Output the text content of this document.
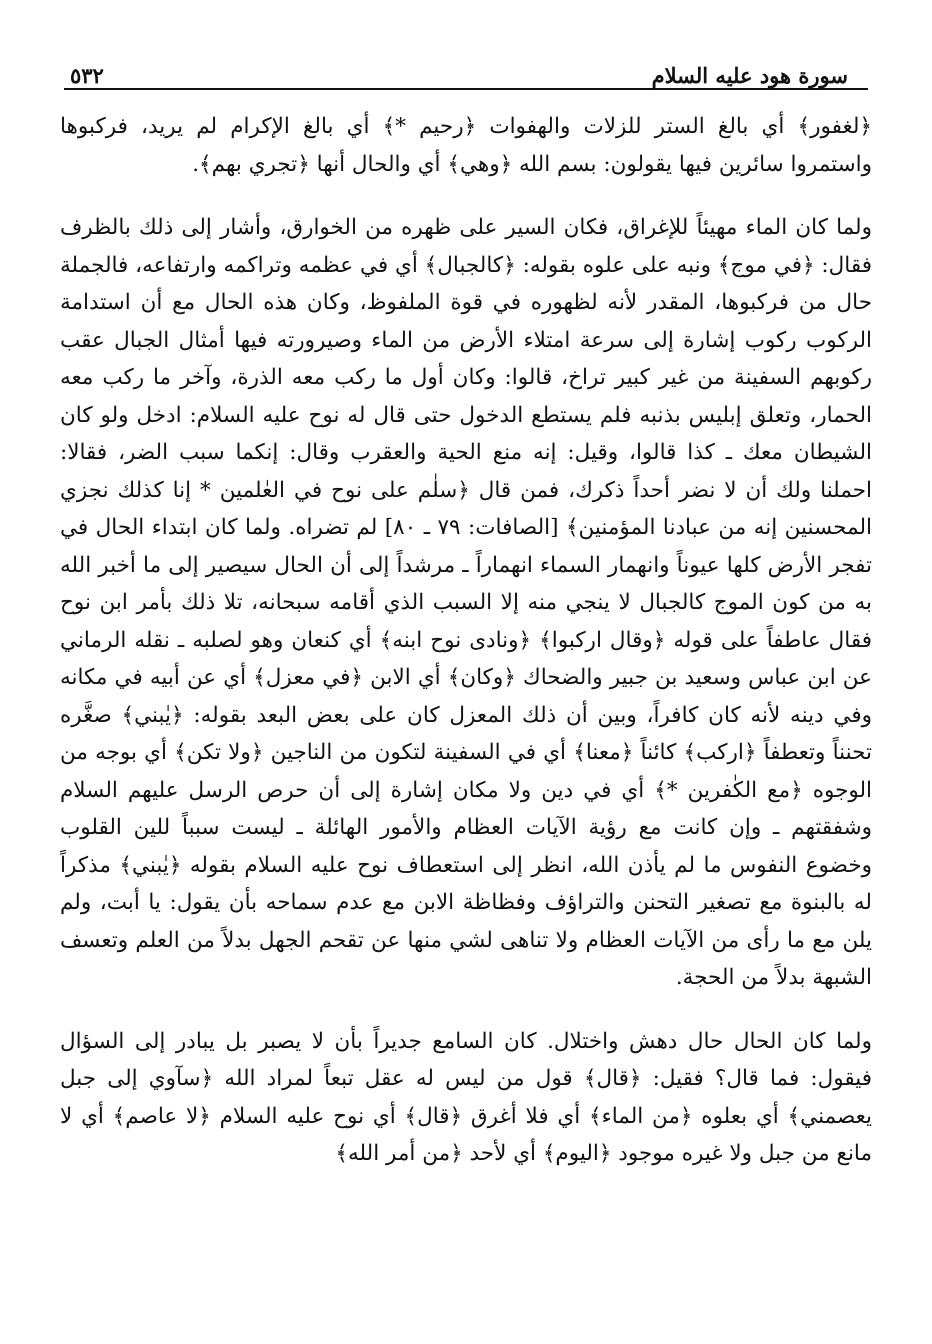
سورة هود عليه السلام
٥٣٢

﴿لغفور﴾ أي بالغ الستر للزلات والهفوات ﴿رحيم *﴾ أي بالغ الإكرام لم يريد، فركبوها واستمروا سائرين فيها يقولون: بسم الله ﴿وهي﴾ أي والحال أنها ﴿تجري بهم﴾.

ولما كان الماء مهيئاً للإغراق، فكان السير على ظهره من الخوارق، وأشار إلى ذلك بالظرف فقال: ﴿في موج﴾ ونبه على علوه بقوله: ﴿كالجبال﴾ أي في عظمه وتراكمه وارتفاعه، فالجملة حال من فركبوها، المقدر لأنه لظهوره في قوة الملفوظ، وكان هذه الحال مع أن استدامة الركوب ركوب إشارة إلى سرعة امتلاء الأرض من الماء وصيرورته فيها أمثال الجبال عقب ركوبهم السفينة من غير كبير تراخ، قالوا: وكان أول ما ركب معه الذرة، وآخر ما ركب معه الحمار، وتعلق إبليس بذنبه فلم يستطع الدخول حتى قال له نوح عليه السلام: ادخل ولو كان الشيطان معك ـ كذا قالوا، وقيل: إنه منع الحية والعقرب وقال: إنكما سبب الضر، فقالا: احملنا ولك أن لا نضر أحداً ذكرك، فمن قال ﴿سلٰم على نوح في العٰلمين * إنا كذلك نجزي المحسنين إنه من عبادنا المؤمنين﴾ [الصافات: ٧٩ ـ ٨٠] لم تضراه. ولما كان ابتداء الحال في تفجر الأرض كلها عيوناً وانهمار السماء انهماراً ـ مرشداً إلى أن الحال سيصير إلى ما أخبر الله به من كون الموج كالجبال لا ينجي منه إلا السبب الذي أقامه سبحانه، تلا ذلك بأمر ابن نوح فقال عاطفاً على قوله ﴿وقال اركبوا﴾ ﴿ونادى نوح ابنه﴾ أي كنعان وهو لصلبه ـ نقله الرماني عن ابن عباس وسعيد بن جبير والضحاك ﴿وكان﴾ أي الابن ﴿في معزل﴾ أي عن أبيه في مكانه وفي دينه لأنه كان كافراً، وبين أن ذلك المعزل كان على بعض البعد بقوله: ﴿يٰبني﴾ صغَّره تحنناً وتعطفاً ﴿اركب﴾ كائناً ﴿معنا﴾ أي في السفينة لتكون من الناجين ﴿ولا تكن﴾ أي بوجه من الوجوه ﴿مع الكٰفرين *﴾ أي في دين ولا مكان إشارة إلى أن حرص الرسل عليهم السلام وشفقتهم ـ وإن كانت مع رؤية الآيات العظام والأمور الهائلة ـ ليست سبباً للين القلوب وخضوع النفوس ما لم يأذن الله، انظر إلى استعطاف نوح عليه السلام بقوله ﴿يٰبني﴾ مذكراً له بالبنوة مع تصغير التحنن والتراؤف وفظاظة الابن مع عدم سماحه بأن يقول: يا أبت، ولم يلن مع ما رأى من الآيات العظام ولا تناهى لشي منها عن تقحم الجهل بدلاً من العلم وتعسف الشبهة بدلاً من الحجة.

ولما كان الحال حال دهش واختلال. كان السامع جديراً بأن لا يصبر بل يبادر إلى السؤال فيقول: فما قال؟ فقيل: ﴿قال﴾ قول من ليس له عقل تبعاً لمراد الله ﴿سآوي إلى جبل يعصمني﴾ أي بعلوه ﴿من الماء﴾ أي فلا أغرق ﴿قال﴾ أي نوح عليه السلام ﴿لا عاصم﴾ أي لا مانع من جبل ولا غيره موجود ﴿اليوم﴾ أي لأحد ﴿من أمر الله﴾
